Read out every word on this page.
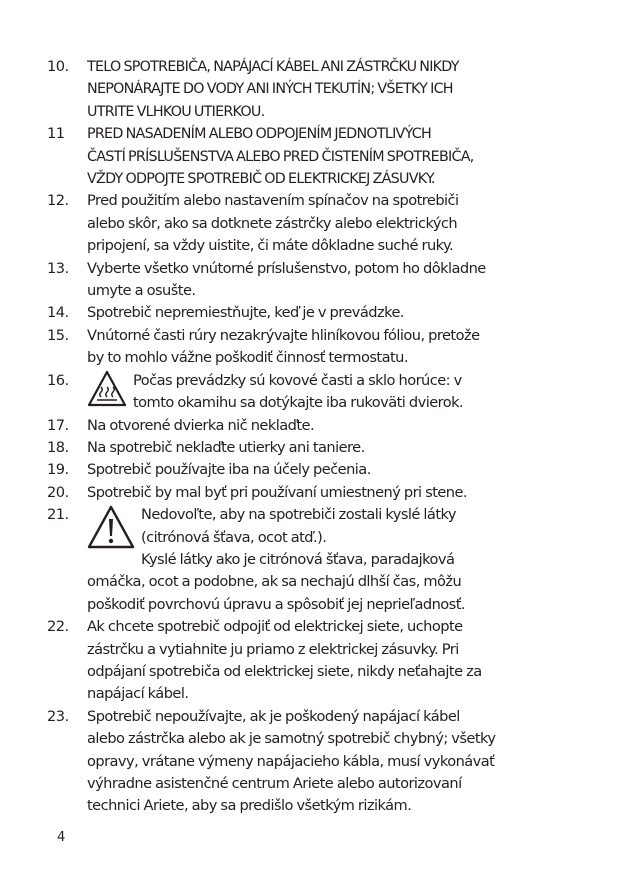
10.	TELO SPOTREBIČA, NAPÁJACÍ KÁBEL ANI ZÁSTRČKU NIKDY
NEPONÁRAJTE DO VODY ANI INÝCH TEKUTÍN; VŠETKY ICH
UTRITE VLHKOU UTIERKOU.
11	PRED NASADENÍM ALEBO ODPOJENÍM JEDNOTLIVÝCH
ČASTÍ PRÍSLUŠENSTVA ALEBO PRED ČISTENÍM SPOTREBIČA,
VŽDY ODPOJTE SPOTREBIČ OD ELEKTRICKEJ ZÁSUVKY.
12.	Pred použitím alebo nastavením spínačov na spotrebiči
alebo skôr, ako sa dotknete zástrčky alebo elektrických
pripojení, sa vždy uistite, či máte dôkladne suché ruky.
13.	Vyberte všetko vnútorné príslušenstvo, potom ho dôkladne
umyte a osušte.
14.	Spotrebič nepremiestňujte, keď je v prevádzke.
15.	Vnútorné časti rúry nezakrývajte hliníkovou fóliou, pretože
by to mohlo vážne poškodiť činnosť termostatu.
16.	Počas prevádzky sú kovové časti a sklo horúce: v
tomto okamihu sa dotýkajte iba rukoväti dvierok.
17.	Na otvorené dvierka nič neklaďte.
18.	Na spotrebič neklaďte utierky ani taniere.
19.	Spotrebič používajte iba na účely pečenia.
20.	Spotrebič by mal byť pri používaní umiestnený pri stene.
21.	Nedovoľte, aby na spotrebiči zostali kyslé látky
(citrónová šťava, ocot atď.).
Kyslé látky ako je citrónová šťava, paradajková
omáčka, ocot a podobne, ak sa nechajú dlhší čas, môžu
poškodiť povrchovú úpravu a spôsobiť jej neprieľadnosť.
22.	Ak chcete spotrebič odpojiť od elektrickej siete, uchopte
zástrčku a vytiahnite ju priamo z elektrickej zásuvky. Pri
odpájaní spotrebiča od elektrickej siete, nikdy neťahajte za
napájací kábel.
23.	Spotrebič nepoužívajte, ak je poškodený napájací kábel
alebo zástrčka alebo ak je samotný spotrebič chybný; všetky
opravy, vrátane výmeny napájacieho kábla, musí vykonávať
výhradne asistenčné centrum Ariete alebo autorizovaní
technici Ariete, aby sa predišlo všetkým rizikám.
4
